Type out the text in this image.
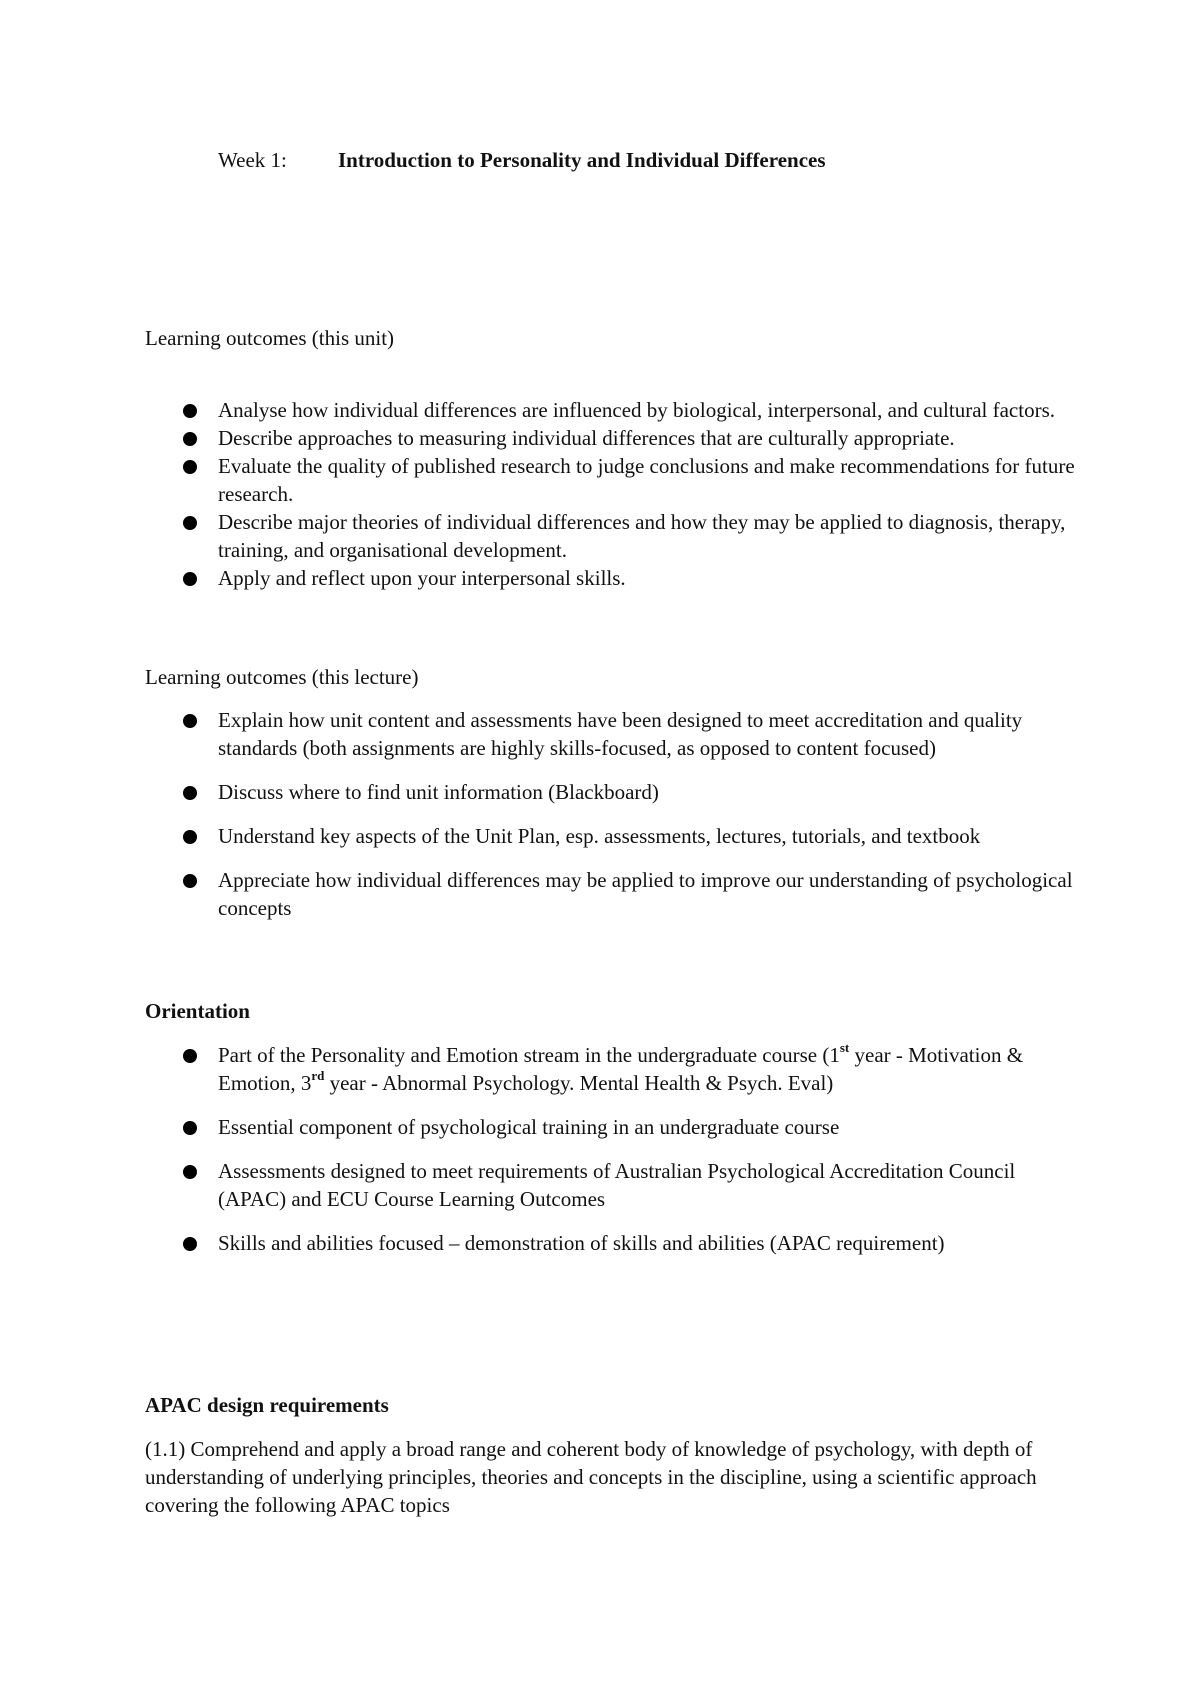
Week 1: Introduction to Personality and Individual Differences
Learning outcomes (this unit)
Analyse how individual differences are influenced by biological, interpersonal, and cultural factors.
Describe approaches to measuring individual differences that are culturally appropriate.
Evaluate the quality of published research to judge conclusions and make recommendations for future research.
Describe major theories of individual differences and how they may be applied to diagnosis, therapy, training, and organisational development.
Apply and reflect upon your interpersonal skills.
Learning outcomes (this lecture)
Explain how unit content and assessments have been designed to meet accreditation and quality standards (both assignments are highly skills-focused, as opposed to content focused)
Discuss where to find unit information (Blackboard)
Understand key aspects of the Unit Plan, esp. assessments, lectures, tutorials, and textbook
Appreciate how individual differences may be applied to improve our understanding of psychological concepts
Orientation
Part of the Personality and Emotion stream in the undergraduate course (1st year - Motivation & Emotion, 3rd year - Abnormal Psychology. Mental Health & Psych. Eval)
Essential component of psychological training in an undergraduate course
Assessments designed to meet requirements of Australian Psychological Accreditation Council (APAC) and ECU Course Learning Outcomes
Skills and abilities focused – demonstration of skills and abilities (APAC requirement)
APAC design requirements
(1.1) Comprehend and apply a broad range and coherent body of knowledge of psychology, with depth of understanding of underlying principles, theories and concepts in the discipline, using a scientific approach covering the following APAC topics
